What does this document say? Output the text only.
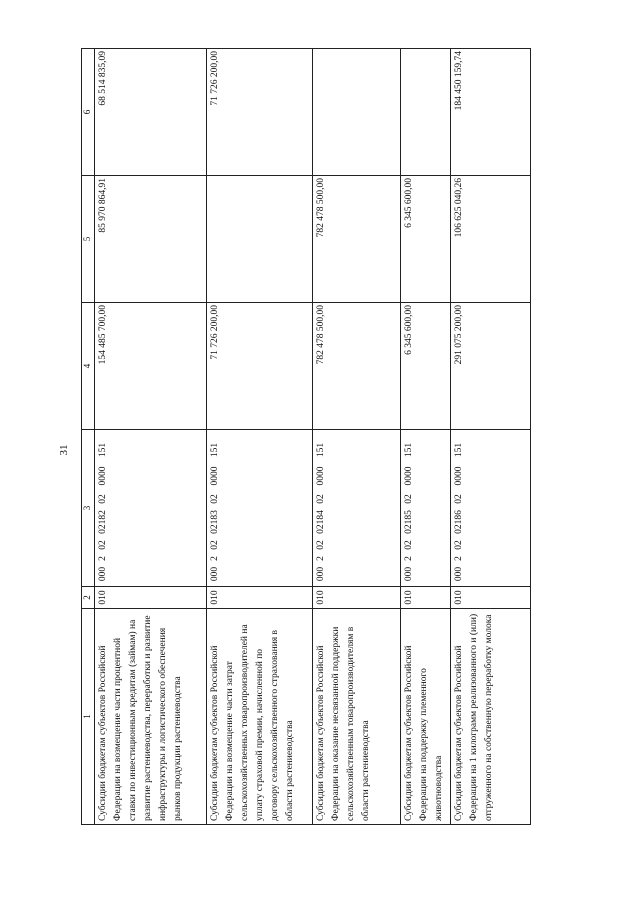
31
1	2	3	4	5	6
Субсидии бюджетам субъектов Российской Федерации на возмещение части процентной ставки по инвестиционным кредитам (займам) на развитие растениеводства, переработки и развитие инфраструктуры и логистического обеспечения рынков продукции растениеводства	010	00020202182020000151	154 485 700,00	85 970 864,91	68 514 835,09
Субсидии бюджетам субъектов Российской Федерации на возмещение части затрат сельскохозяйственных товаропроизводителей на уплату страховой премии, начисленной по договору сельскохозяйственного страхования в области растениеводства	010	00020202183020000151	71 726 200,00		71 726 200,00
Субсидии бюджетам субъектов Российской Федерации на оказание несвязанной поддержки сельскохозяйственным товаропроизводителям в области растениеводства	010	00020202184020000151	782 478 500,00	782 478 500,00	
Субсидии бюджетам субъектов Российской Федерации на поддержку племенного животноводства	010	00020202185020000151	6 345 600,00	6 345 600,00	
Субсидии бюджетам субъектов Российской Федерации на 1 килограмм реализованного и (или) отгруженного на собственную переработку молока	010	00020202186020000151	291 075 200,00	106 625 040,26	184 450 159,74
